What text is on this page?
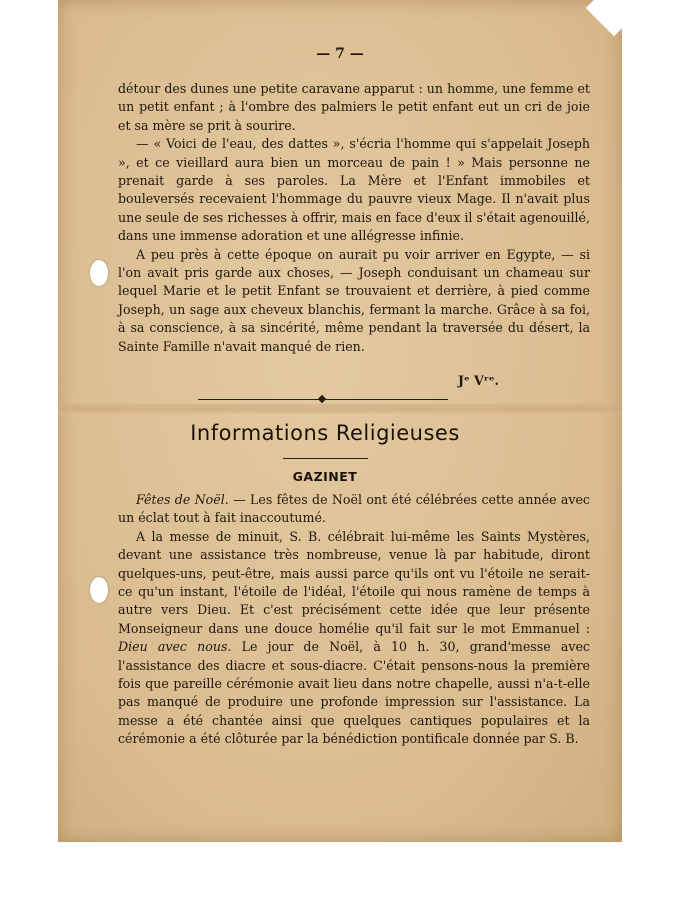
— 7 —

détour des dunes une petite caravane apparut : un homme, une femme et un petit enfant ; à l'ombre des palmiers le petit enfant eut un cri de joie et sa mère se prit à sourire.

— « Voici de l'eau, des dattes », s'écria l'homme qui s'appelait Joseph », et ce vieillard aura bien un morceau de pain ! » Mais personne ne prenait garde à ses paroles. La Mère et l'Enfant immobiles et bouleversés recevaient l'hommage du pauvre vieux Mage. Il n'avait plus une seule de ses richesses à offrir, mais en face d'eux il s'était agenouillé, dans une immense adoration et une allégresse infinie.

A peu près à cette époque on aurait pu voir arriver en Egypte, — si l'on avait pris garde aux choses, — Joseph conduisant un chameau sur lequel Marie et le petit Enfant se trouvaient et derrière, à pied comme Joseph, un sage aux cheveux blanchis, fermant la marche. Grâce à sa foi, à sa conscience, à sa sincérité, même pendant la traversée du désert, la Sainte Famille n'avait manqué de rien.

Jᵉ Vʳᵉ.
Informations Religieuses
GAZINET

Fêtes de Noël. — Les fêtes de Noël ont été célébrées cette année avec un éclat tout à fait inaccoutumé.

A la messe de minuit, S. B. célébrait lui-même les Saints Mystères, devant une assistance très nombreuse, venue là par habitude, diront quelques-uns, peut-être, mais aussi parce qu'ils ont vu l'étoile ne serait-ce qu'un instant, l'étoile de l'idéal, l'étoile qui nous ramène de temps à autre vers Dieu. Et c'est précisément cette idée que leur présente Monseigneur dans une douce homélie qu'il fait sur le mot Emmanuel : Dieu avec nous. Le jour de Noël, à 10 h. 30, grand'messe avec l'assistance des diacre et sous-diacre. C'était pensons-nous la première fois que pareille cérémonie avait lieu dans notre chapelle, aussi n'a-t-elle pas manqué de produire une profonde impression sur l'assistance. La messe a été chantée ainsi que quelques cantiques populaires et la cérémonie a été clôturée par la bénédiction pontificale donnée par S. B.
